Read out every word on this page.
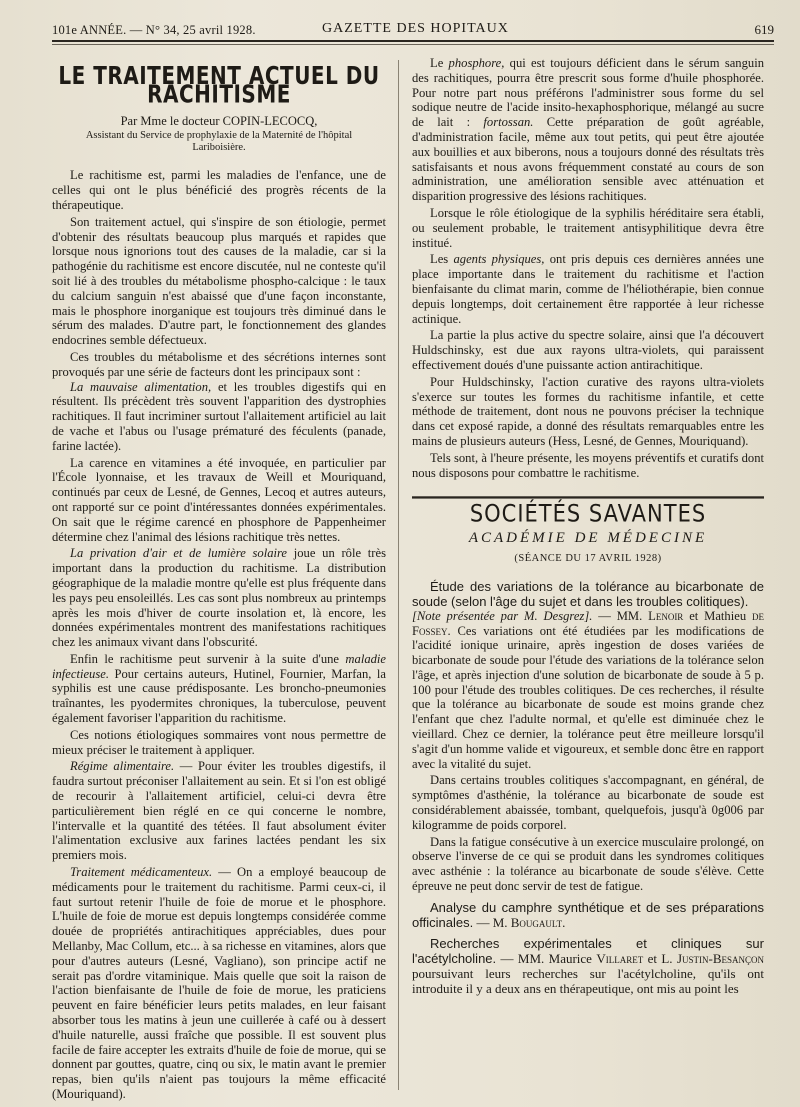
101e ANNÉE. — N° 34, 25 avril 1928.	GAZETTE DES HOPITAUX	619
LE TRAITEMENT ACTUEL DU RACHITISME
Par Mme le docteur COPIN-LECOCQ,
Assistant du Service de prophylaxie de la Maternité de l'hôpital Lariboisière.

Le rachitisme est, parmi les maladies de l'enfance, une de celles qui ont le plus bénéficié des progrès récents de la thérapeutique.

Son traitement actuel, qui s'inspire de son étiologie, permet d'obtenir des résultats beaucoup plus marqués et rapides que lorsque nous ignorions tout des causes de la maladie, car si la pathogénie du rachitisme est encore discutée, nul ne conteste qu'il soit lié à des troubles du métabolisme phospho-calcique : le taux du calcium sanguin n'est abaissé que d'une façon inconstante, mais le phosphore inorganique est toujours très diminué dans le sérum des malades. D'autre part, le fonctionnement des glandes endocrines semble défectueux.

Ces troubles du métabolisme et des sécrétions internes sont provoqués par une série de facteurs dont les principaux sont :

La mauvaise alimentation, et les troubles digestifs qui en résultent. Ils précèdent très souvent l'apparition des dystrophies rachitiques. Il faut incriminer surtout l'allaitement artificiel au lait de vache et l'abus ou l'usage prématuré des féculents (panade, farine lactée).

La carence en vitamines a été invoquée, en particulier par l'École lyonnaise, et les travaux de Weill et Mouriquand, continués par ceux de Lesné, de Gennes, Lecoq et autres auteurs, ont rapporté sur ce point d'intéressantes données expérimentales. On sait que le régime carencé en phosphore de Pappenheimer détermine chez l'animal des lésions rachitique très nettes.

La privation d'air et de lumière solaire joue un rôle très important dans la production du rachitisme. La distribution géographique de la maladie montre qu'elle est plus fréquente dans les pays peu ensoleillés. Les cas sont plus nombreux au printemps après les mois d'hiver de courte insolation et, là encore, les données expérimentales montrent des manifestations rachitiques chez les animaux vivant dans l'obscurité.

Enfin le rachitisme peut survenir à la suite d'une maladie infectieuse. Pour certains auteurs, Hutinel, Fournier, Marfan, la syphilis est une cause prédisposante. Les broncho-pneumonies traînantes, les pyodermites chroniques, la tuberculose, peuvent également favoriser l'apparition du rachitisme.

Ces notions étiologiques sommaires vont nous permettre de mieux préciser le traitement à appliquer.

Régime alimentaire. — Pour éviter les troubles digestifs, il faudra surtout préconiser l'allaitement au sein. Et si l'on est obligé de recourir à l'allaitement artificiel, celui-ci devra être particulièrement bien réglé en ce qui concerne le nombre, l'intervalle et la quantité des tétées. Il faut absolument éviter l'alimentation exclusive aux farines lactées pendant les six premiers mois.

Traitement médicamenteux. — On a employé beaucoup de médicaments pour le traitement du rachitisme. Parmi ceux-ci, il faut surtout retenir l'huile de foie de morue et le phosphore. L'huile de foie de morue est depuis longtemps considérée comme douée de propriétés antirachitiques appréciables, dues pour Mellanby, Mac Collum, etc... à sa richesse en vitamines, alors que pour d'autres auteurs (Lesné, Vagliano), son principe actif ne serait pas d'ordre vitaminique. Mais quelle que soit la raison de l'action bienfaisante de l'huile de foie de morue, les praticiens peuvent en faire bénéficier leurs petits malades, en leur faisant absorber tous les matins à jeun une cuillerée à café ou à dessert d'huile naturelle, aussi fraîche que possible. Il est souvent plus facile de faire accepter les extraits d'huile de foie de morue, qui se donnent par gouttes, quatre, cinq ou six, le matin avant le premier repas, bien qu'ils n'aient pas toujours la même efficacité (Mouriquand).

Le phosphore, qui est toujours déficient dans le sérum sanguin des rachitiques, pourra être prescrit sous forme d'huile phosphorée. Pour notre part nous préférons l'administrer sous forme du sel sodique neutre de l'acide insito-hexaphosphorique, mélangé au sucre de lait : fortossan. Cette préparation de goût agréable, d'administration facile, même aux tout petits, qui peut être ajoutée aux bouillies et aux biberons, nous a toujours donné des résultats très satisfaisants et nous avons fréquemment constaté au cours de son administration, une amélioration sensible avec atténuation et disparition progressive des lésions rachitiques.

Lorsque le rôle étiologique de la syphilis héréditaire sera établi, ou seulement probable, le traitement antisyphilitique devra être institué.

Les agents physiques, ont pris depuis ces dernières années une place importante dans le traitement du rachitisme et l'action bienfaisante du climat marin, comme de l'héliothérapie, bien connue depuis longtemps, doit certainement être rapportée à leur richesse actinique.

La partie la plus active du spectre solaire, ainsi que l'a découvert Huldschinsky, est due aux rayons ultra-violets, qui paraissent effectivement doués d'une puissante action antirachitique.

Pour Huldschinsky, l'action curative des rayons ultra-violets s'exerce sur toutes les formes du rachitisme infantile, et cette méthode de traitement, dont nous ne pouvons préciser la technique dans cet exposé rapide, a donné des résultats remarquables entre les mains de plusieurs auteurs (Hess, Lesné, de Gennes, Mouriquand).

Tels sont, à l'heure présente, les moyens préventifs et curatifs dont nous disposons pour combattre le rachitisme.

SOCIÉTÉS SAVANTES
ACADÉMIE DE MÉDECINE
(SÉANCE DU 17 AVRIL 1928)

Étude des variations de la tolérance au bicarbonate de soude (selon l'âge du sujet et dans les troubles colitiques).

[Note présentée par M. Desgrez]. — MM. Lenoir et Mathieu de Fossey. Ces variations ont été étudiées par les modifications de l'acidité ionique urinaire, après ingestion de doses variées de bicarbonate de soude pour l'étude des variations de la tolérance selon l'âge, et après injection d'une solution de bicarbonate de soude à 5 p. 100 pour l'étude des troubles colitiques. De ces recherches, il résulte que la tolérance au bicarbonate de soude est moins grande chez l'enfant que chez l'adulte normal, et qu'elle est diminuée chez le vieillard. Chez ce dernier, la tolérance peut être meilleure lorsqu'il s'agit d'un homme valide et vigoureux, et semble donc être en rapport avec la vitalité du sujet.

Dans certains troubles colitiques s'accompagnant, en général, de symptômes d'asthénie, la tolérance au bicarbonate de soude est considérablement abaissée, tombant, quelquefois, jusqu'à 0g006 par kilogramme de poids corporel.

Dans la fatigue consécutive à un exercice musculaire prolongé, on observe l'inverse de ce qui se produit dans les syndromes colitiques avec asthénie : la tolérance au bicarbonate de soude s'élève. Cette épreuve ne peut donc servir de test de fatigue.

Analyse du camphre synthétique et de ses préparations officinales. — M. Bougault.

Recherches expérimentales et cliniques sur l'acétylcholine. — MM. Maurice Villaret et L. Justin-Besançon poursuivant leurs recherches sur l'acétylcholine, qu'ils ont introduite il y a deux ans en thérapeutique, ont mis au point les
